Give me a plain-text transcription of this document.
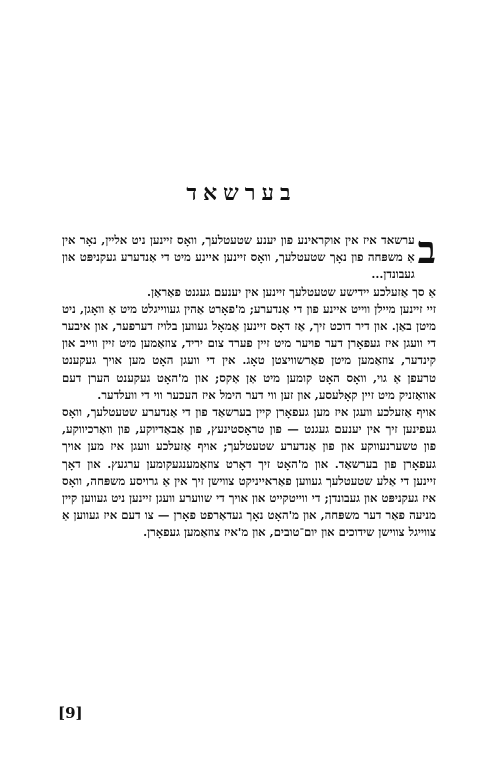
בערשאד

ב
ערשאד איז אין אוקראינע פון יענע שטעטלעך, וואָס זיינען ניט אליין, נאָר אין אַ משפּחה פון נאָך שטעטלעך, וואָס זיינען איינע מיט די אַנדערע געקניפּט און געבונדן...

אַ סך אַזעלכע יידישע שטעטלעך זיינען אין יענעם געגנט פאַראַן.

זיי זיינען מיילן ווייט איינע פון די אַנדערע; מ'פאָרט אַהין געווייגלט מיט אַ וואָגן, ניט מיטן באַן. און דיר דוכט זיך, אַז דאָס זיינען אַמאָל געווען בלויז דערפער, און איבער די וועגן איז געפאָרן דער פויער מיט זיין פערד צום יריד, צוזאַמען מיט זיין ווייב און קינדער, צוזאַמען מיטן פאַרשוויצטן טאָג. אין די וועגן האָט מען אויך געקענט טרעפן אַ גוי, וואָס האָט קומען מיט אַן אַקס; און מ'האָט געקענט הערן דעם אוואַזניק מיט זיין קאָלעסע, און זען ווי דער הימל איז העכער ווי די וועלדער.

אויף אַזעלכע וועגן איז מען געפאָרן קיין בערשאַד פון די אַנדערע שטעטלעך, וואָס געפינען זיך אין יענעם געגנט — פון טראָסטינעץ, פון אַבאַדיוקע, פון וואַרכיווקע, פון טשערנעווקע און פון אַנדערע שטעטלעך; אויף אַזעלכע וועגן איז מען אויך געפאָרן פון בערשאַד. און מ'האָט זיך דאָרט צוזאַמענגעקומען ערגעץ. און דאָך זיינען די אַלע שטעטלעך געווען פאַראייניקט צווישן זיך אין אַ גרויסע משפּחה, וואָס איז געקניפּט און געבונדן; די ווייטקייט און אויך די שווערע וועגן זיינען ניט געווען קיין מניעה פאַר דער משפּחה, און מ'האָט נאָך געדאַרפט פאָרן — צו דעם איז געווען אַ צווייגל צווישן שידוכים און יום־טובים, און מ'איז צוזאַמען געפאָרן.

[9]
